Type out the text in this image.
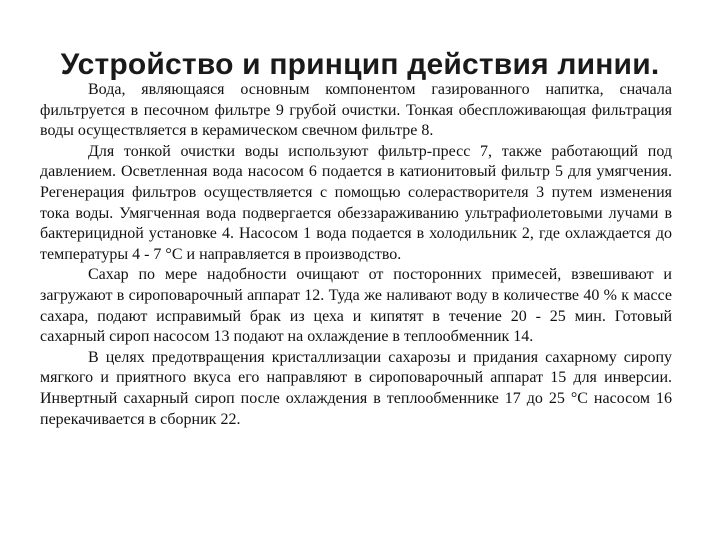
Устройство и принцип действия линии.

Вода, являющаяся основным компонентом газированного напитка, сначала фильтруется в песочном фильтре 9 грубой очистки. Тонкая обеспложивающая фильтрация воды осуществляется в керамическом свечном фильтре 8.

Для тонкой очистки воды используют фильтр-пресс 7, также работающий под давлением. Осветленная вода насосом 6 подается в катионитовый фильтр 5 для умягчения. Регенерация фильтров осуществляется с помощью солерастворителя 3 путем изменения тока воды. Умягченная вода подвергается обеззараживанию ультрафиолетовыми лучами в бактерицидной установке 4. Насосом 1 вода подается в холодильник 2, где охлаждается до температуры 4 - 7 °С и направляется в производство.

Сахар по мере надобности очищают от посторонних примесей, взвешивают и загружают в сироповарочный аппарат 12. Туда же наливают воду в количестве 40 % к массе сахара, подают исправимый брак из цеха и кипятят в течение 20 - 25 мин. Готовый сахарный сироп насосом 13 подают на охлаждение в теплообменник 14.

В целях предотвращения кристаллизации сахарозы и придания сахарному сиропу мягкого и приятного вкуса его направляют в сироповарочный аппарат 15 для инверсии. Инвертный сахарный сироп после охлаждения в теплообменнике 17 до 25 °С насосом 16 перекачивается в сборник 22.
